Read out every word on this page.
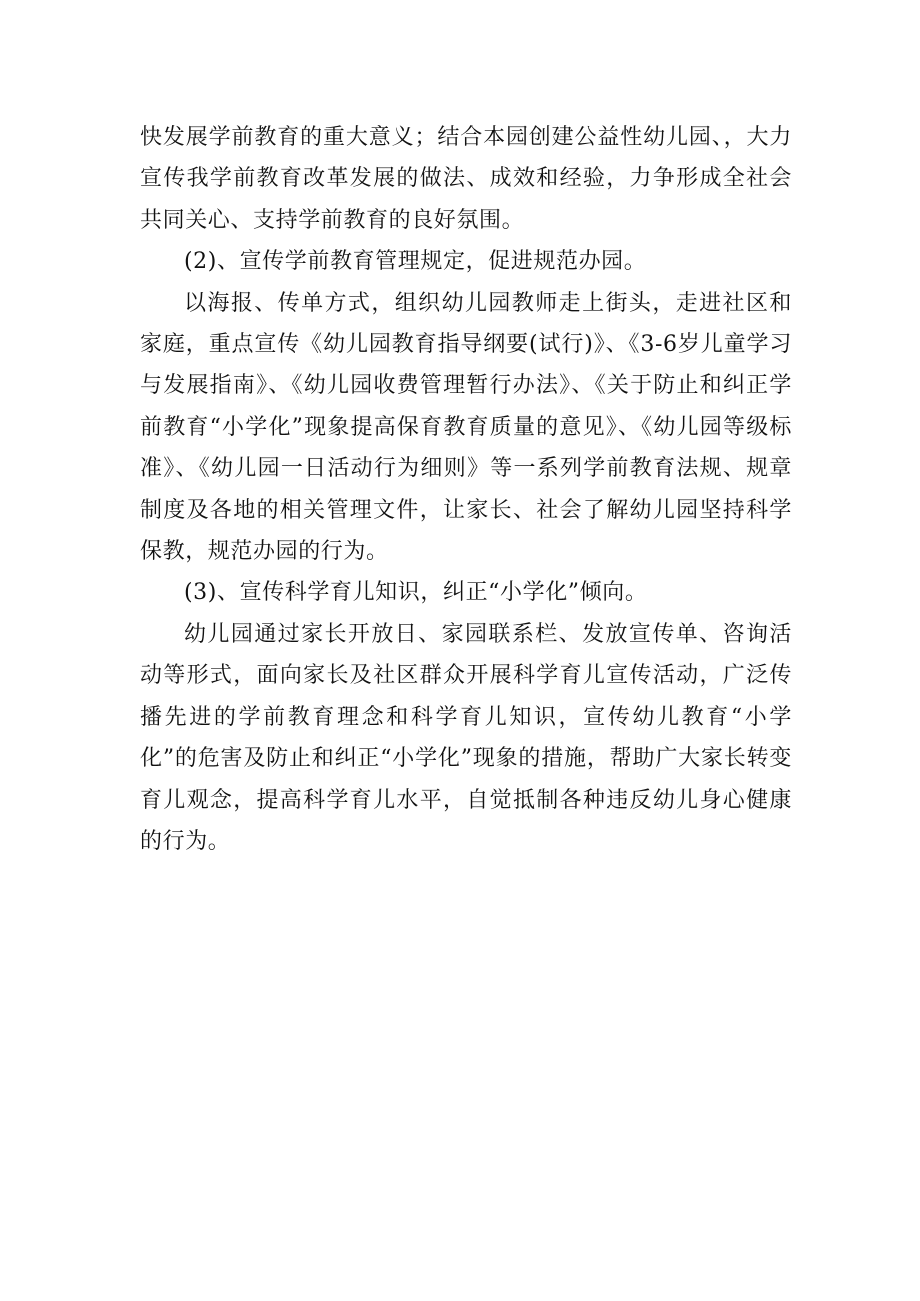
快发展学前教育的重大意义；结合本园创建公益性幼儿园、，大力宣传我学前教育改革发展的做法、成效和经验，力争形成全社会共同关心、支持学前教育的良好氛围。

(2)、宣传学前教育管理规定，促进规范办园。

以海报、传单方式，组织幼儿园教师走上街头，走进社区和家庭，重点宣传《幼儿园教育指导纲要(试行)》、《3-6岁儿童学习与发展指南》、《幼儿园收费管理暂行办法》、《关于防止和纠正学前教育“小学化”现象提高保育教育质量的意见》、《幼儿园等级标准》、《幼儿园一日活动行为细则》等一系列学前教育法规、规章制度及各地的相关管理文件，让家长、社会了解幼儿园坚持科学保教，规范办园的行为。

(3)、宣传科学育儿知识，纠正“小学化”倾向。

幼儿园通过家长开放日、家园联系栏、发放宣传单、咨询活动等形式，面向家长及社区群众开展科学育儿宣传活动，广泛传播先进的学前教育理念和科学育儿知识，宣传幼儿教育“小学化”的危害及防止和纠正“小学化”现象的措施，帮助广大家长转变育儿观念，提高科学育儿水平，自觉抵制各种违反幼儿身心健康的行为。
